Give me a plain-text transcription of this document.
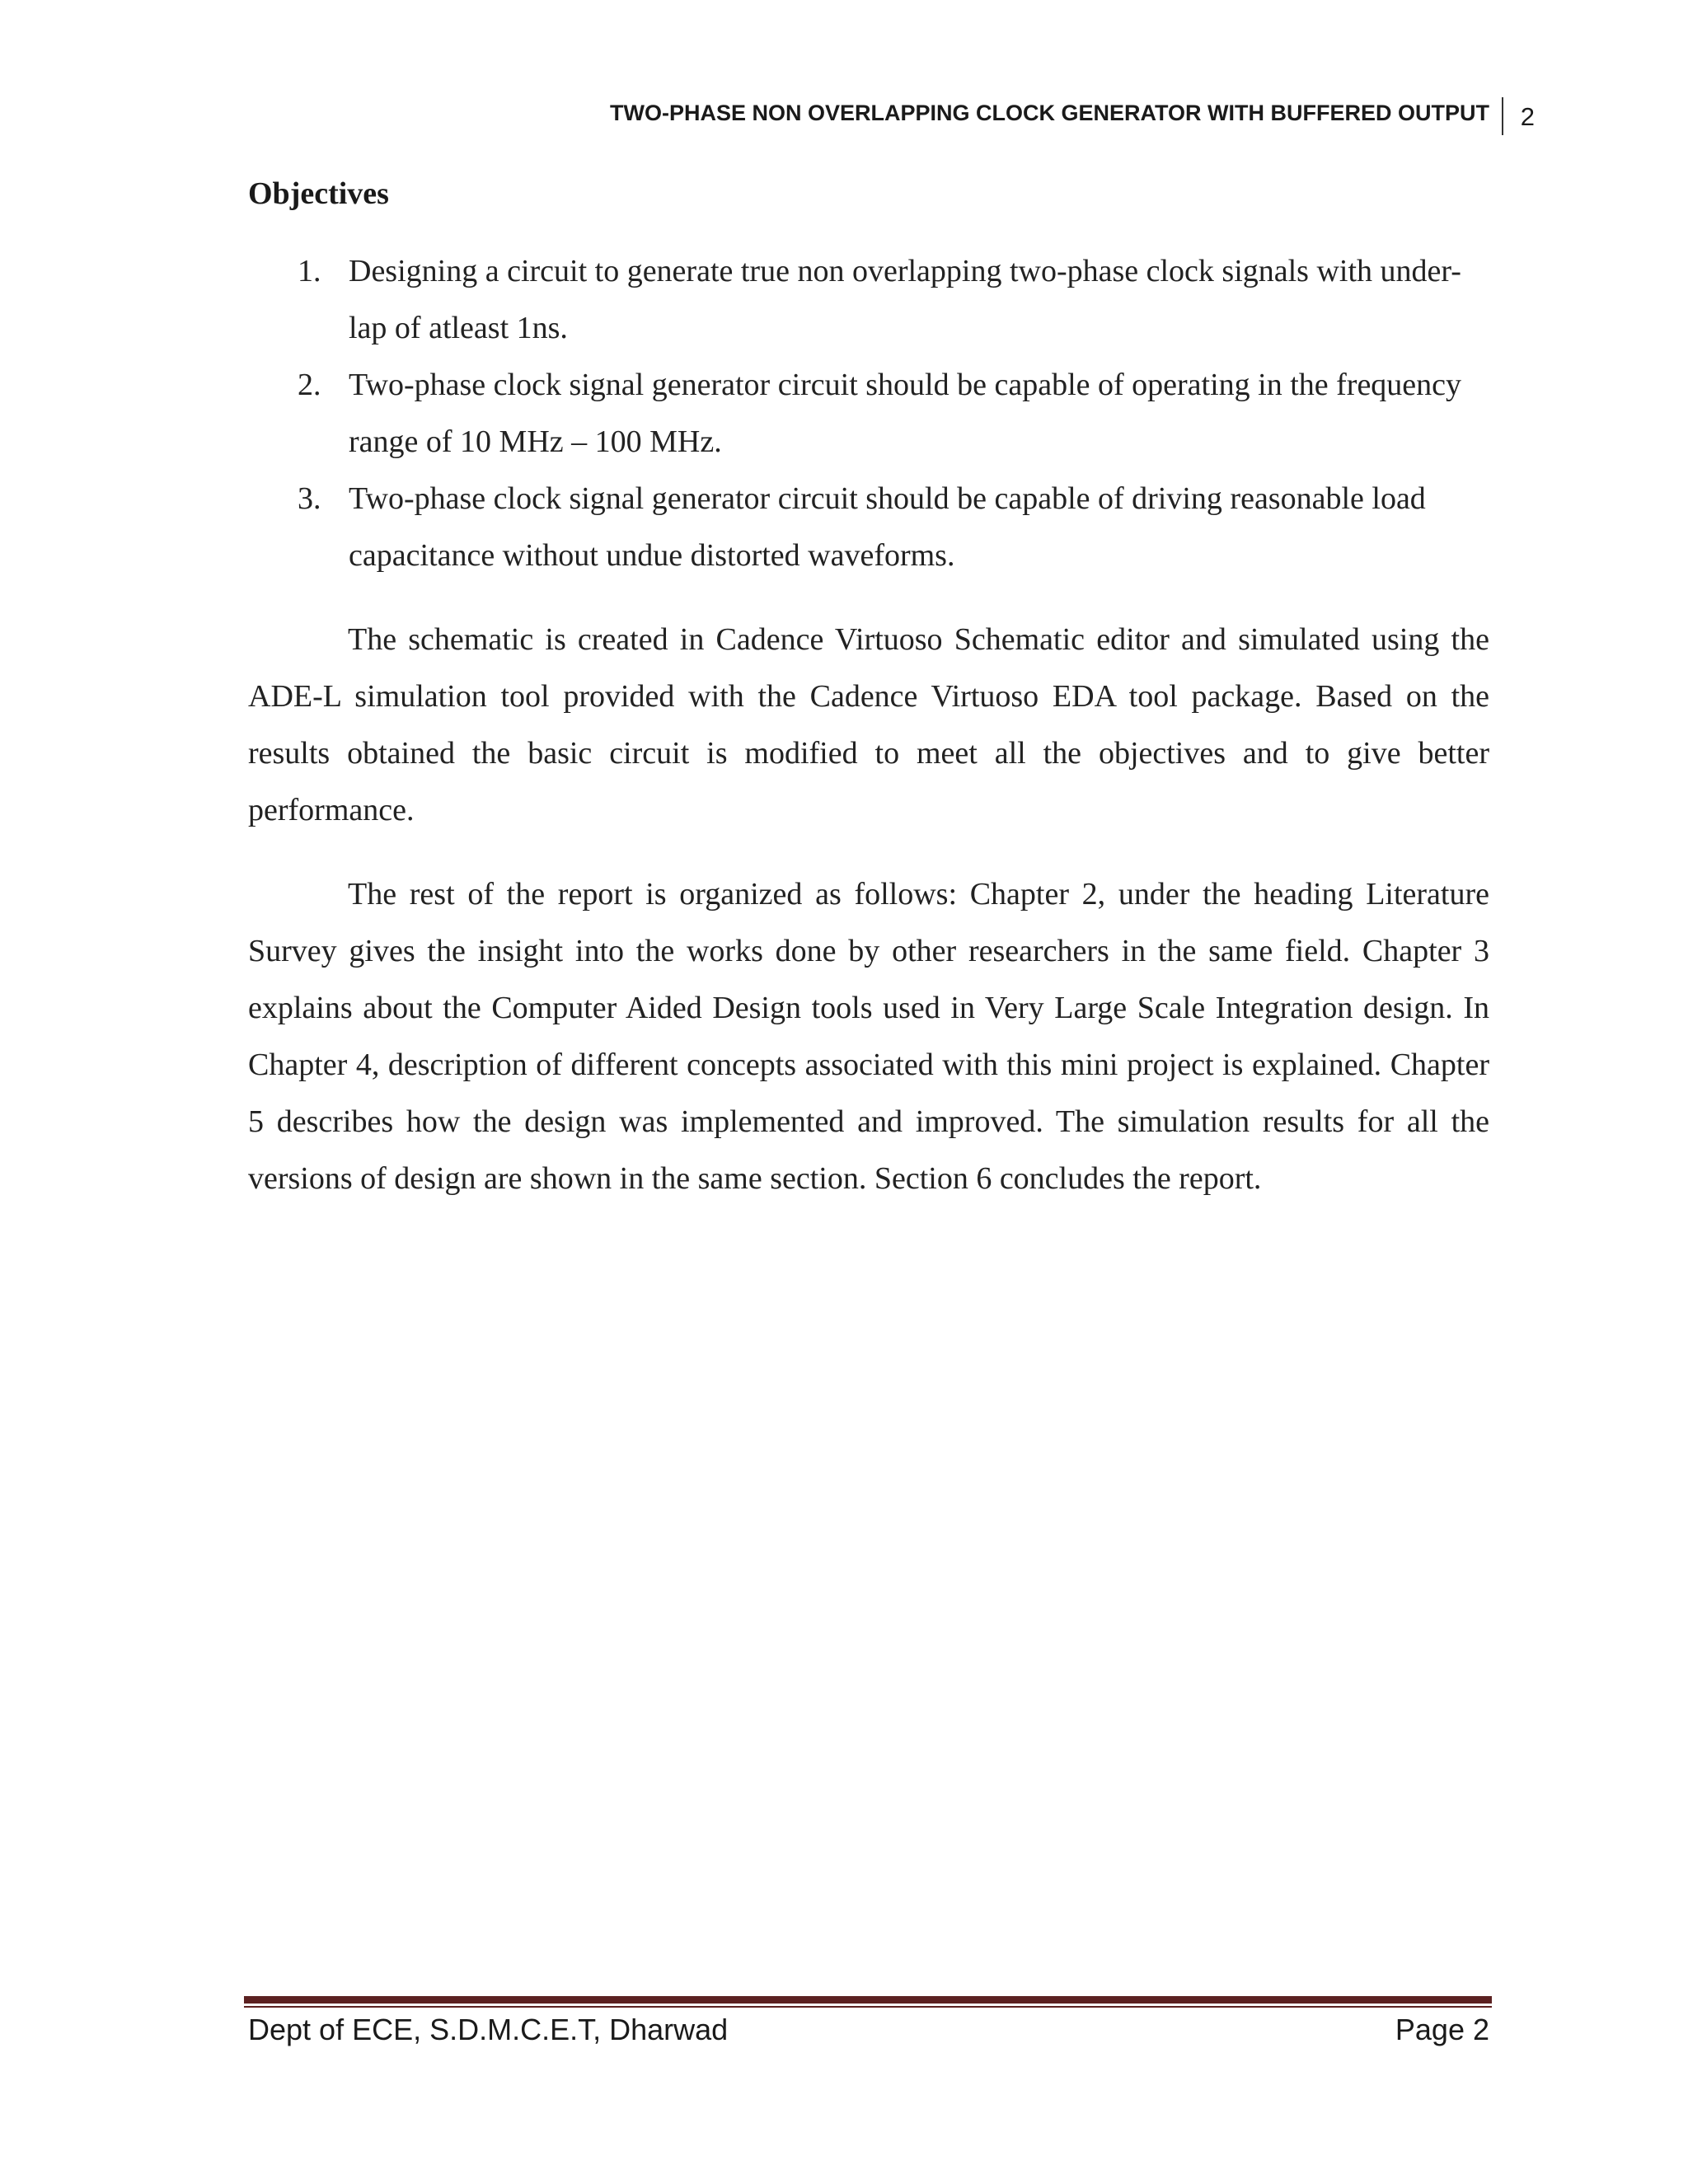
TWO-PHASE NON OVERLAPPING CLOCK GENERATOR WITH BUFFERED OUTPUT 2
Objectives
1. Designing a circuit to generate true non overlapping two-phase clock signals with under-lap of atleast 1ns.
2. Two-phase clock signal generator circuit should be capable of operating in the frequency range of 10 MHz – 100 MHz.
3. Two-phase clock signal generator circuit should be capable of driving reasonable load capacitance without undue distorted waveforms.

The schematic is created in Cadence Virtuoso Schematic editor and simulated using the ADE-L simulation tool provided with the Cadence Virtuoso EDA tool package. Based on the results obtained the basic circuit is modified to meet all the objectives and to give better performance.

The rest of the report is organized as follows: Chapter 2, under the heading Literature Survey gives the insight into the works done by other researchers in the same field. Chapter 3 explains about the Computer Aided Design tools used in Very Large Scale Integration design. In Chapter 4, description of different concepts associated with this mini project is explained. Chapter 5 describes how the design was implemented and improved. The simulation results for all the versions of design are shown in the same section. Section 6 concludes the report.

Dept of ECE, S.D.M.C.E.T, Dharwad	Page 2
